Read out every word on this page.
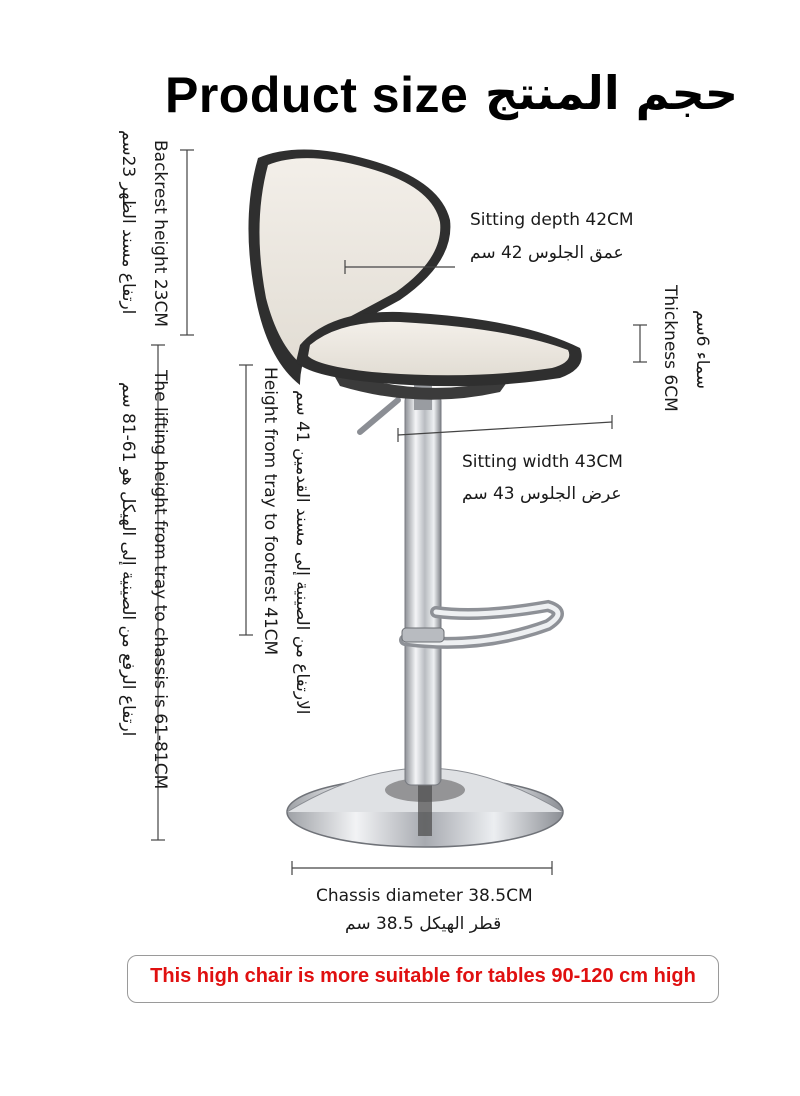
Product size حجم المنتج
Sitting depth 42CM
عمق الجلوس 42 سم
Sitting width 43CM
عرض الجلوس 43 سم
Chassis diameter 38.5CM
قطر الهيكل 38.5 سم
Backrest height 23CM
ارتفاع مسند الظهر 23سم
The lifting height from tray to chassis is 61-81CM
ارتفاع الرفع من الصينية إلى الهيكل هو 61-81 سم	Height from tray to footrest 41CM الارتفاع من الصينية إلى مسند القدمين 41 سم
Thickness 6CM سماء 6سم
This high chair is more suitable for tables 90-120 cm high
